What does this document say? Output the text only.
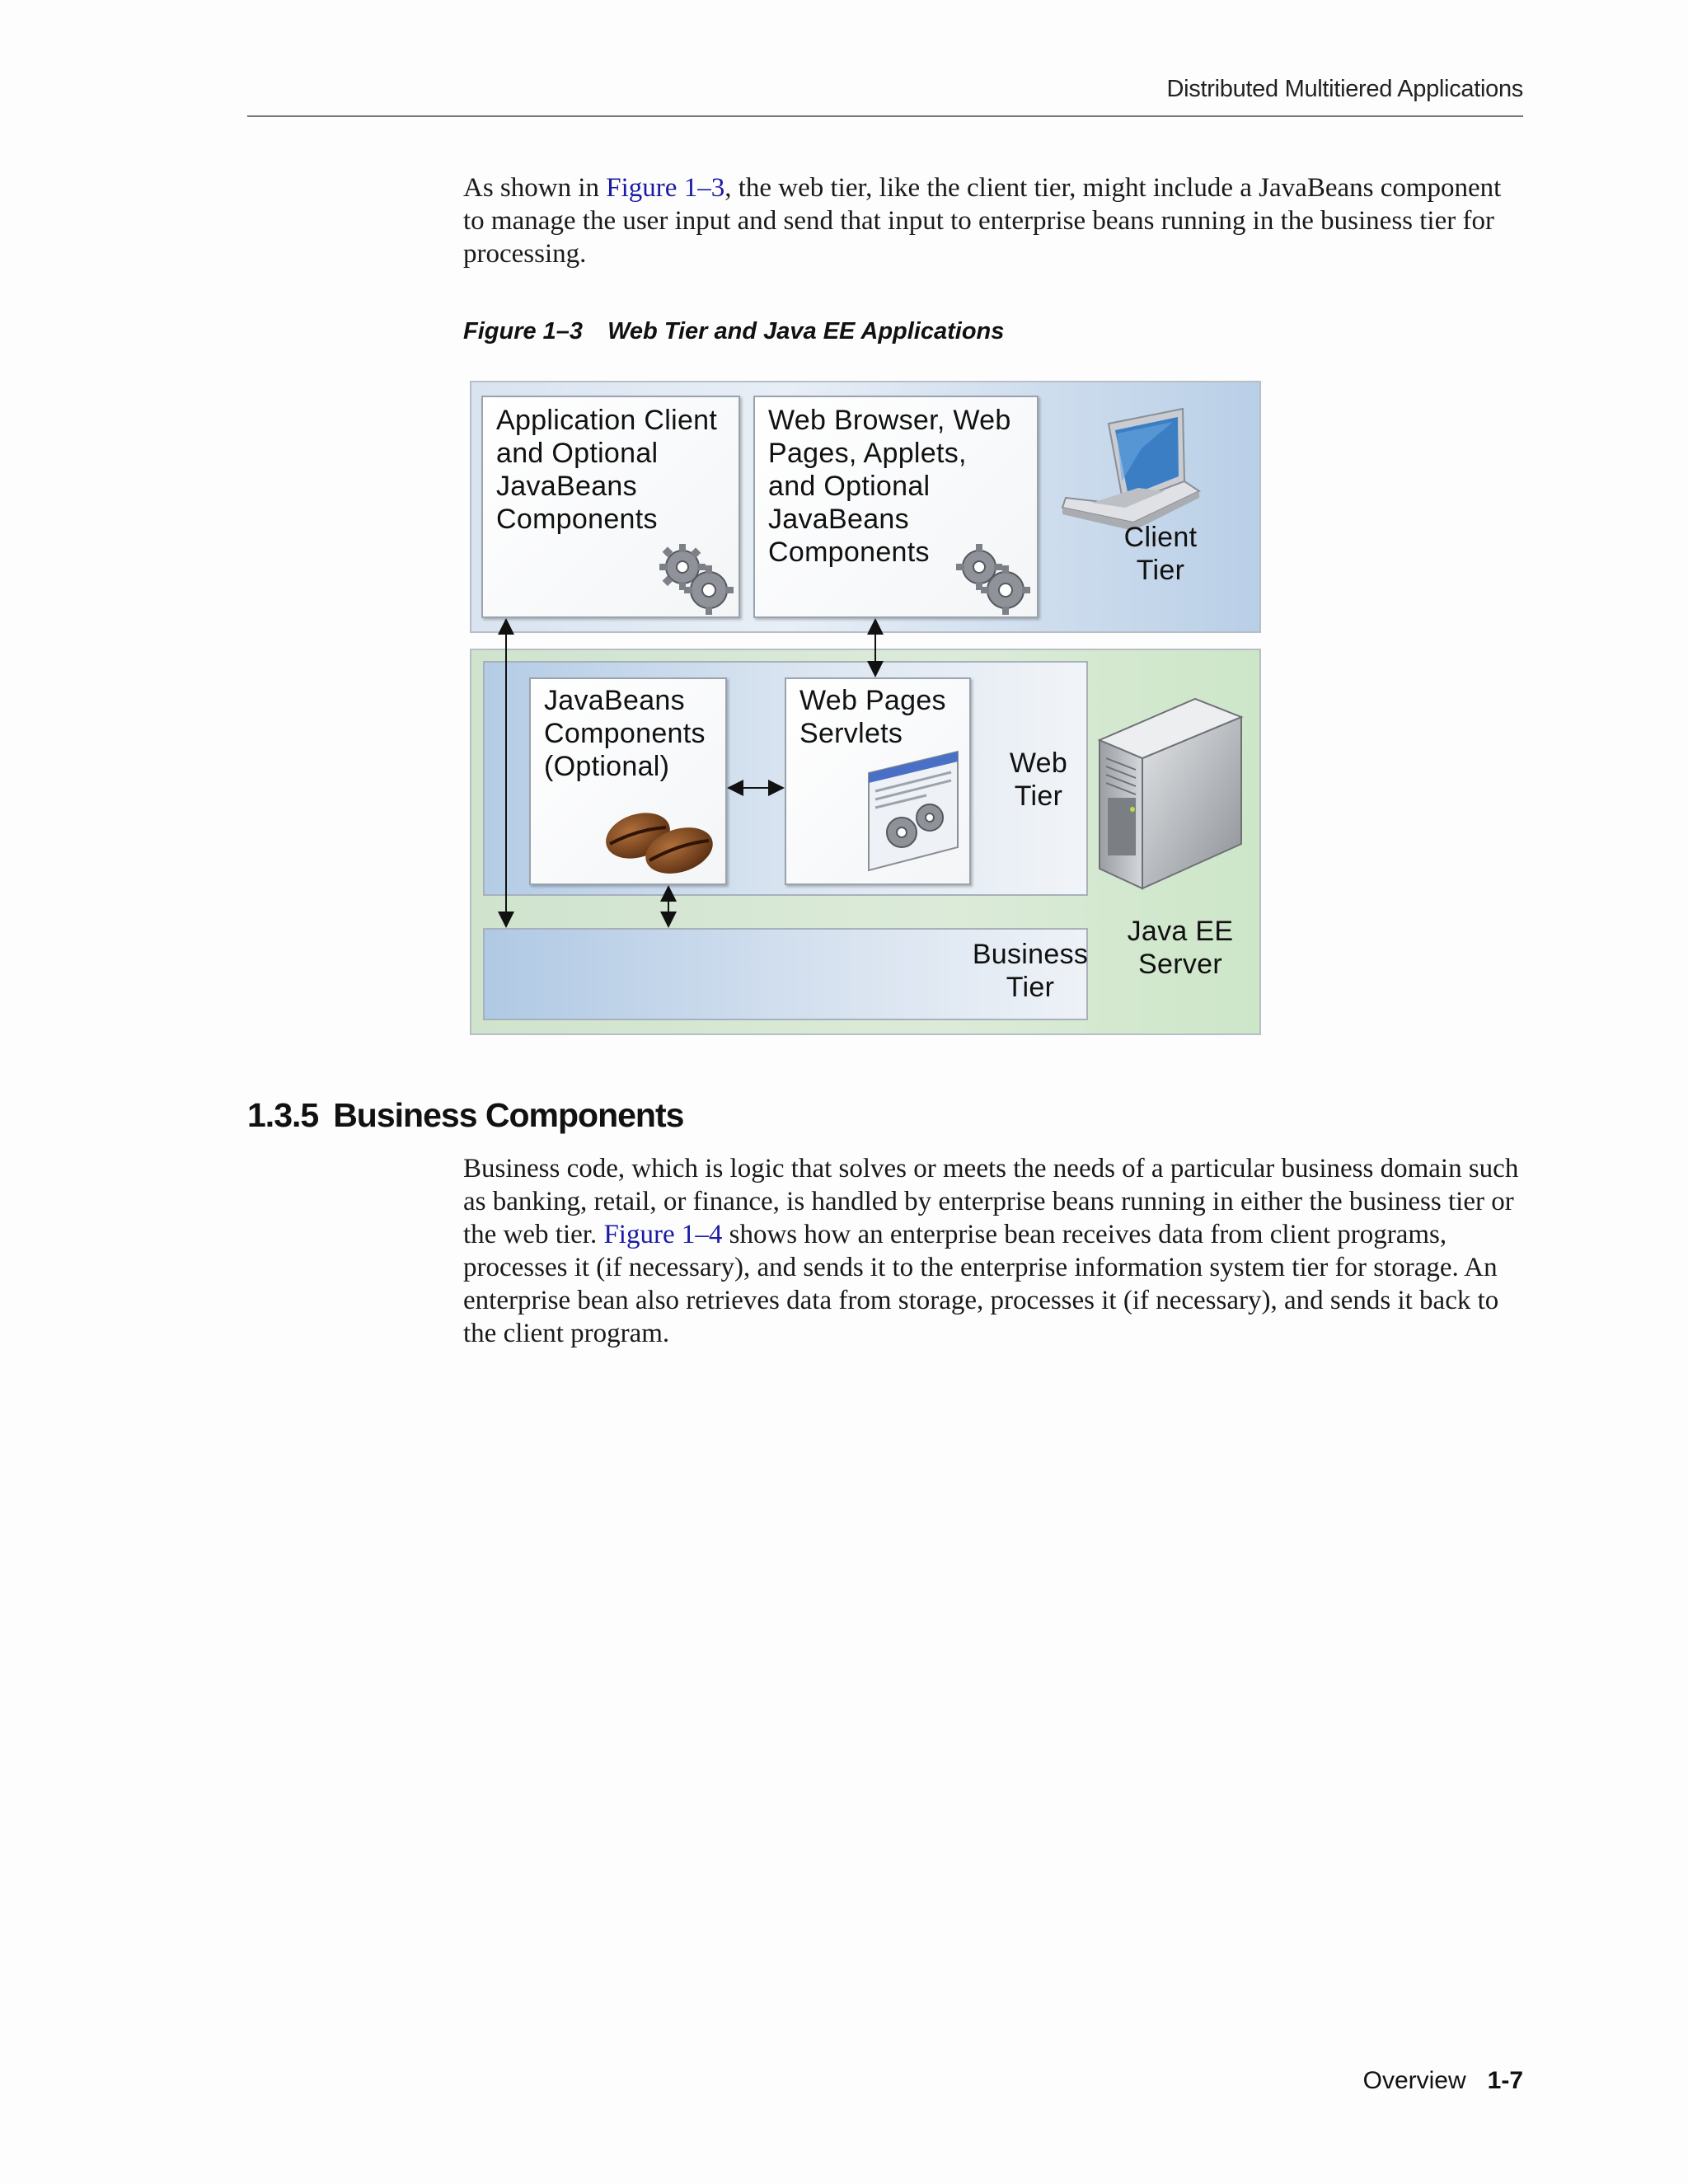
Distributed Multitiered Applications

As shown in Figure 1–3, the web tier, like the client tier, might include a JavaBeans component to manage the user input and send that input to enterprise beans running in the business tier for processing.

Figure 1–3 Web Tier and Java EE Applications

Application Client
and Optional
JavaBeans
Components
Web Browser, Web
Pages, Applets,
and Optional
JavaBeans
Components	Client
Tier
JavaBeans
Components
(Optional)
Web Pages
Servlets
Web
Tier
Java EE
Server
Business
Tier
1.3.5 Business Components

Business code, which is logic that solves or meets the needs of a particular business domain such as banking, retail, or finance, is handled by enterprise beans running in either the business tier or the web tier. Figure 1–4 shows how an enterprise bean receives data from client programs, processes it (if necessary), and sends it to the enterprise information system tier for storage. An enterprise bean also retrieves data from storage, processes it (if necessary), and sends it back to the client program.

Overview 1-7
